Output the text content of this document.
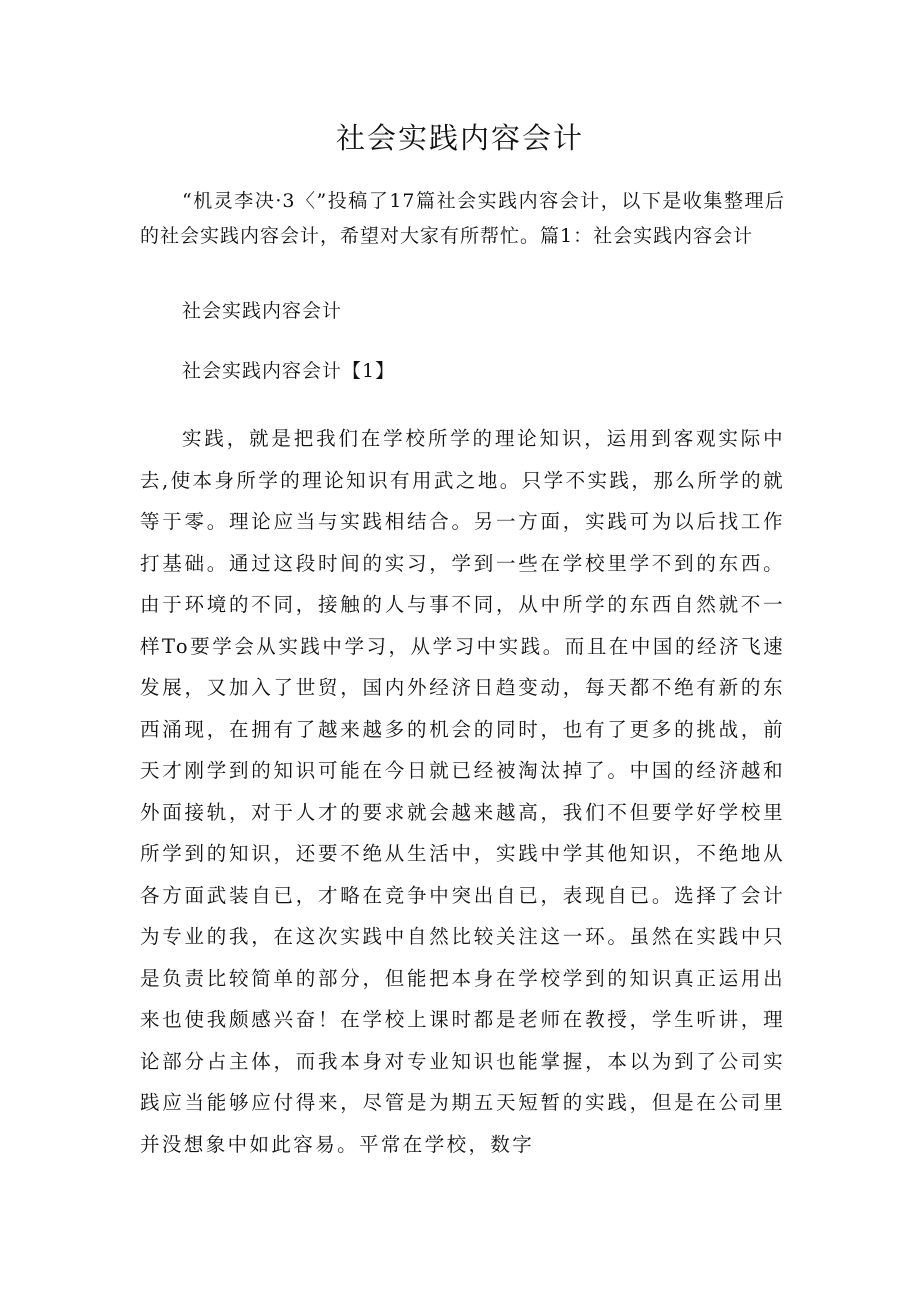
社会实践内容会计

“机灵李决·3〈”投稿了17篇社会实践内容会计，以下是收集整理后的社会实践内容会计，希望对大家有所帮忙。篇1：社会实践内容会计

社会实践内容会计

社会实践内容会计【1】

实践，就是把我们在学校所学的理论知识，运用到客观实际中去,使本身所学的理论知识有用武之地。只学不实践，那么所学的就等于零。理论应当与实践相结合。另一方面，实践可为以后找工作打基础。通过这段时间的实习，学到一些在学校里学不到的东西。由于环境的不同，接触的人与事不同，从中所学的东西自然就不一样To要学会从实践中学习，从学习中实践。而且在中国的经济飞速发展，又加入了世贸，国内外经济日趋变动，每天都不绝有新的东西涌现，在拥有了越来越多的机会的同时，也有了更多的挑战，前天才刚学到的知识可能在今日就已经被淘汰掉了。中国的经济越和外面接轨，对于人才的要求就会越来越高，我们不但要学好学校里所学到的知识，还要不绝从生活中，实践中学其他知识，不绝地从各方面武装自已，才略在竞争中突出自已，表现自已。选择了会计为专业的我，在这次实践中自然比较关注这一环。虽然在实践中只是负责比较简单的部分，但能把本身在学校学到的知识真正运用出来也使我颇感兴奋！在学校上课时都是老师在教授，学生听讲，理论部分占主体，而我本身对专业知识也能掌握，本以为到了公司实践应当能够应付得来，尽管是为期五天短暂的实践，但是在公司里并没想象中如此容易。平常在学校，数字
